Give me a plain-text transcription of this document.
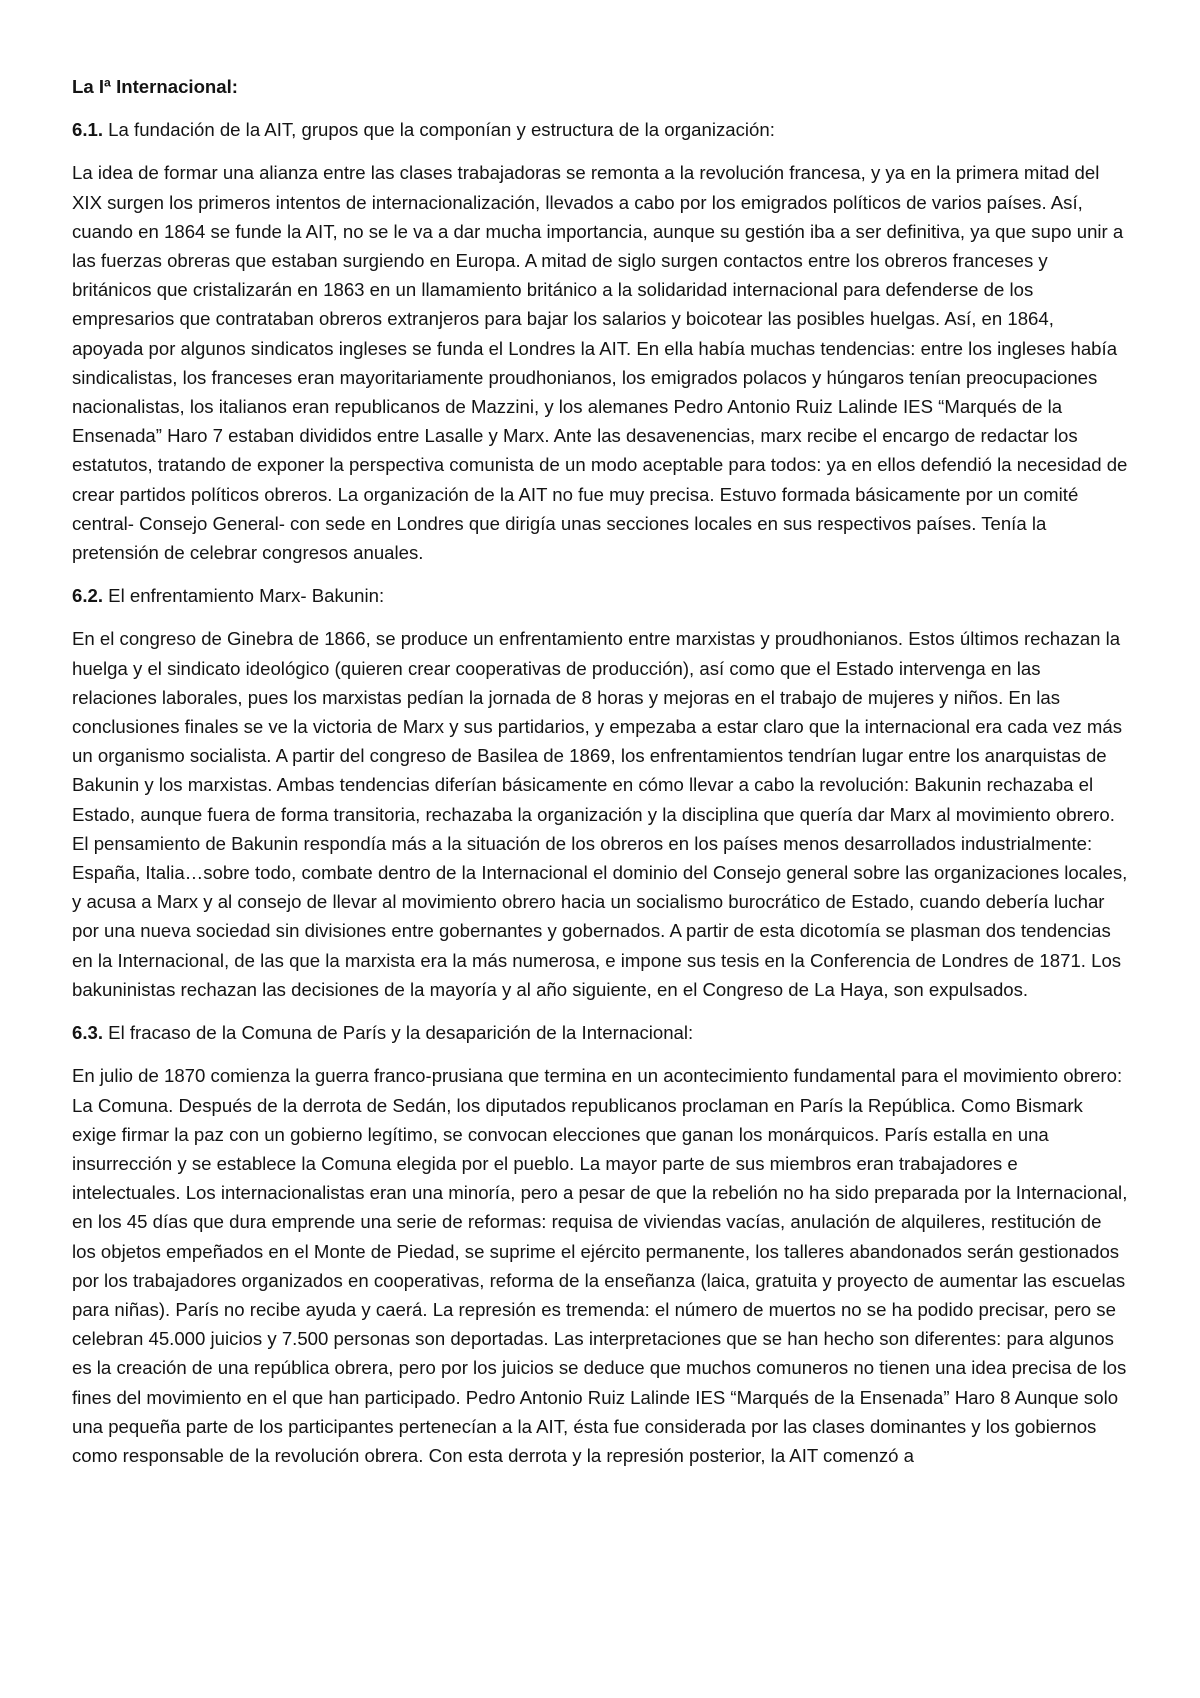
La Iª Internacional:

6.1. La fundación de la AIT, grupos que la componían y estructura de la organización:

La idea de formar una alianza entre las clases trabajadoras se remonta a la revolución francesa, y ya en la primera mitad del XIX surgen los primeros intentos de internacionalización, llevados a cabo por los emigrados políticos de varios países. Así, cuando en 1864 se funde la AIT, no se le va a dar mucha importancia, aunque su gestión iba a ser definitiva, ya que supo unir a las fuerzas obreras que estaban surgiendo en Europa. A mitad de siglo surgen contactos entre los obreros franceses y británicos que cristalizarán en 1863 en un llamamiento británico a la solidaridad internacional para defenderse de los empresarios que contrataban obreros extranjeros para bajar los salarios y boicotear las posibles huelgas. Así, en 1864, apoyada por algunos sindicatos ingleses se funda el Londres la AIT. En ella había muchas tendencias: entre los ingleses había sindicalistas, los franceses eran mayoritariamente proudhonianos, los emigrados polacos y húngaros tenían preocupaciones nacionalistas, los italianos eran republicanos de Mazzini, y los alemanes Pedro Antonio Ruiz Lalinde IES “Marqués de la Ensenada” Haro 7 estaban divididos entre Lasalle y Marx. Ante las desavenencias, marx recibe el encargo de redactar los estatutos, tratando de exponer la perspectiva comunista de un modo aceptable para todos: ya en ellos defendió la necesidad de crear partidos políticos obreros. La organización de la AIT no fue muy precisa. Estuvo formada básicamente por un comité central- Consejo General- con sede en Londres que dirigía unas secciones locales en sus respectivos países. Tenía la pretensión de celebrar congresos anuales.

6.2. El enfrentamiento Marx- Bakunin:

En el congreso de Ginebra de 1866, se produce un enfrentamiento entre marxistas y proudhonianos. Estos últimos rechazan la huelga y el sindicato ideológico (quieren crear cooperativas de producción), así como que el Estado intervenga en las relaciones laborales, pues los marxistas pedían la jornada de 8 horas y mejoras en el trabajo de mujeres y niños. En las conclusiones finales se ve la victoria de Marx y sus partidarios, y empezaba a estar claro que la internacional era cada vez más un organismo socialista. A partir del congreso de Basilea de 1869, los enfrentamientos tendrían lugar entre los anarquistas de Bakunin y los marxistas. Ambas tendencias diferían básicamente en cómo llevar a cabo la revolución: Bakunin rechazaba el Estado, aunque fuera de forma transitoria, rechazaba la organización y la disciplina que quería dar Marx al movimiento obrero. El pensamiento de Bakunin respondía más a la situación de los obreros en los países menos desarrollados industrialmente: España, Italia…sobre todo, combate dentro de la Internacional el dominio del Consejo general sobre las organizaciones locales, y acusa a Marx y al consejo de llevar al movimiento obrero hacia un socialismo burocrático de Estado, cuando debería luchar por una nueva sociedad sin divisiones entre gobernantes y gobernados. A partir de esta dicotomía se plasman dos tendencias en la Internacional, de las que la marxista era la más numerosa, e impone sus tesis en la Conferencia de Londres de 1871. Los bakuninistas rechazan las decisiones de la mayoría y al año siguiente, en el Congreso de La Haya, son expulsados.

6.3. El fracaso de la Comuna de París y la desaparición de la Internacional:

En julio de 1870 comienza la guerra franco-prusiana que termina en un acontecimiento fundamental para el movimiento obrero: La Comuna. Después de la derrota de Sedán, los diputados republicanos proclaman en París la República. Como Bismark exige firmar la paz con un gobierno legítimo, se convocan elecciones que ganan los monárquicos. París estalla en una insurrección y se establece la Comuna elegida por el pueblo. La mayor parte de sus miembros eran trabajadores e intelectuales. Los internacionalistas eran una minoría, pero a pesar de que la rebelión no ha sido preparada por la Internacional, en los 45 días que dura emprende una serie de reformas: requisa de viviendas vacías, anulación de alquileres, restitución de los objetos empeñados en el Monte de Piedad, se suprime el ejército permanente, los talleres abandonados serán gestionados por los trabajadores organizados en cooperativas, reforma de la enseñanza (laica, gratuita y proyecto de aumentar las escuelas para niñas). París no recibe ayuda y caerá. La represión es tremenda: el número de muertos no se ha podido precisar, pero se celebran 45.000 juicios y 7.500 personas son deportadas. Las interpretaciones que se han hecho son diferentes: para algunos es la creación de una república obrera, pero por los juicios se deduce que muchos comuneros no tienen una idea precisa de los fines del movimiento en el que han participado. Pedro Antonio Ruiz Lalinde IES “Marqués de la Ensenada” Haro 8 Aunque solo una pequeña parte de los participantes pertenecían a la AIT, ésta fue considerada por las clases dominantes y los gobiernos como responsable de la revolución obrera. Con esta derrota y la represión posterior, la AIT comenzó a
